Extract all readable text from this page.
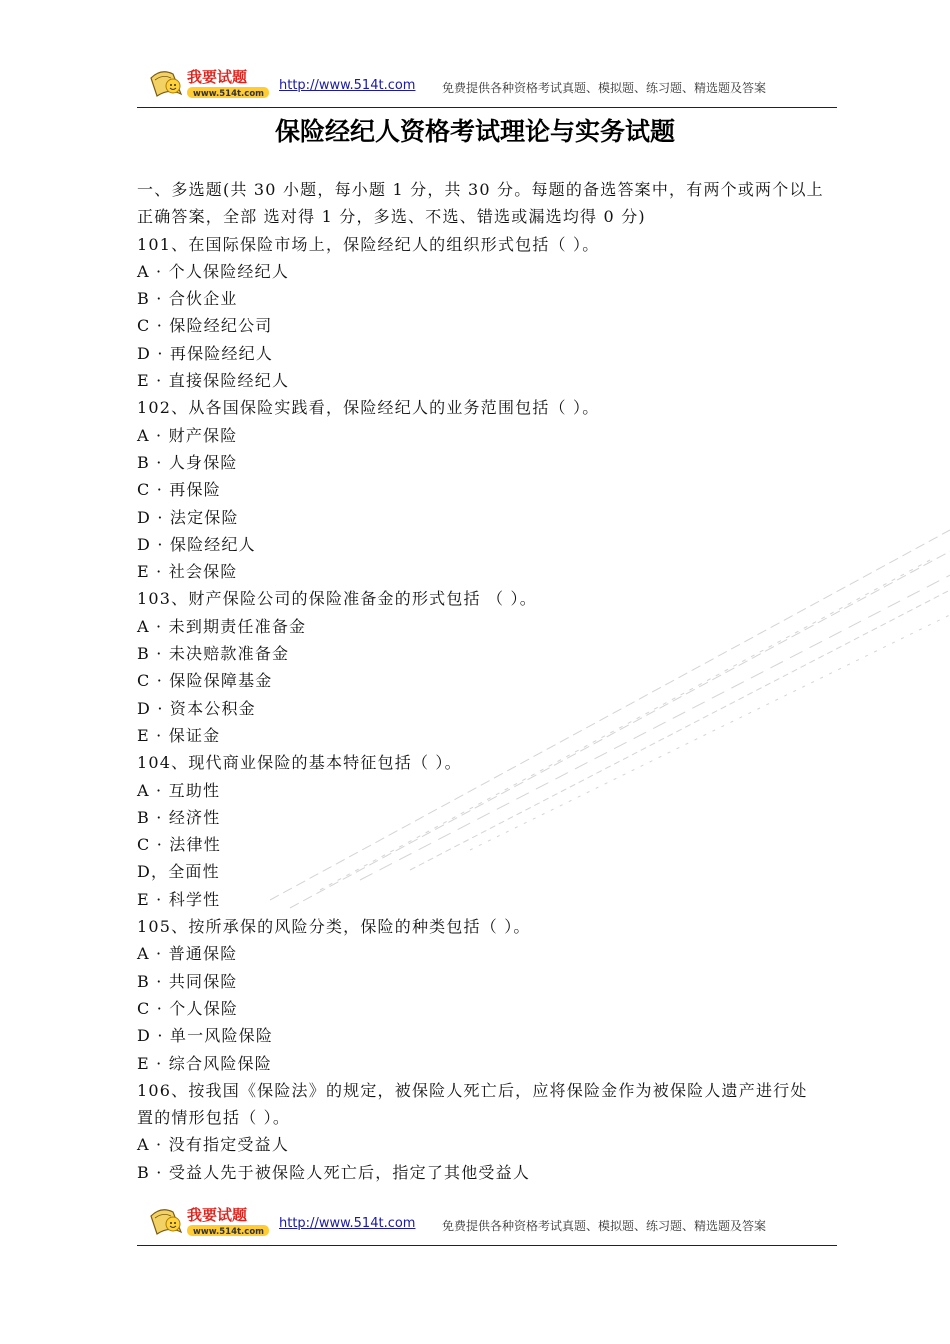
我要试题
www.514t.com
http://www.514t.com 免费提供各种资格考试真题、模拟题、练习题、精选题及答案
保险经纪人资格考试理论与实务试题
一、多选题(共 30 小题，每小题 1 分，共 30 分。每题的备选答案中，有两个或两个以上
正确答案，全部 选对得 1 分，多选、不选、错选或漏选均得 0 分)
101、在国际保险市场上，保险经纪人的组织形式包括（ ）。
A · 个人保险经纪人
B · 合伙企业
C · 保险经纪公司
D · 再保险经纪人
E · 直接保险经纪人
102、从各国保险实践看，保险经纪人的业务范围包括（ ）。
A · 财产保险
B · 人身保险
C · 再保险
D · 法定保险
D · 保险经纪人
E · 社会保险
103、财产保险公司的保险准备金的形式包括 （ ）。
A · 未到期责任准备金
B · 未决赔款准备金
C · 保险保障基金
D · 资本公积金
E · 保证金
104、现代商业保险的基本特征包括（ ）。
A · 互助性
B · 经济性
C · 法律性
D，全面性
E · 科学性
105、按所承保的风险分类，保险的种类包括（ ）。
A · 普通保险
B · 共同保险
C · 个人保险
D · 单一风险保险
E · 综合风险保险
106、按我国《保险法》的规定，被保险人死亡后，应将保险金作为被保险人遗产进行处
置的情形包括（ ）。
A · 没有指定受益人
B · 受益人先于被保险人死亡后，指定了其他受益人
我要试题
www.514t.com
http://www.514t.com 免费提供各种资格考试真题、模拟题、练习题、精选题及答案
